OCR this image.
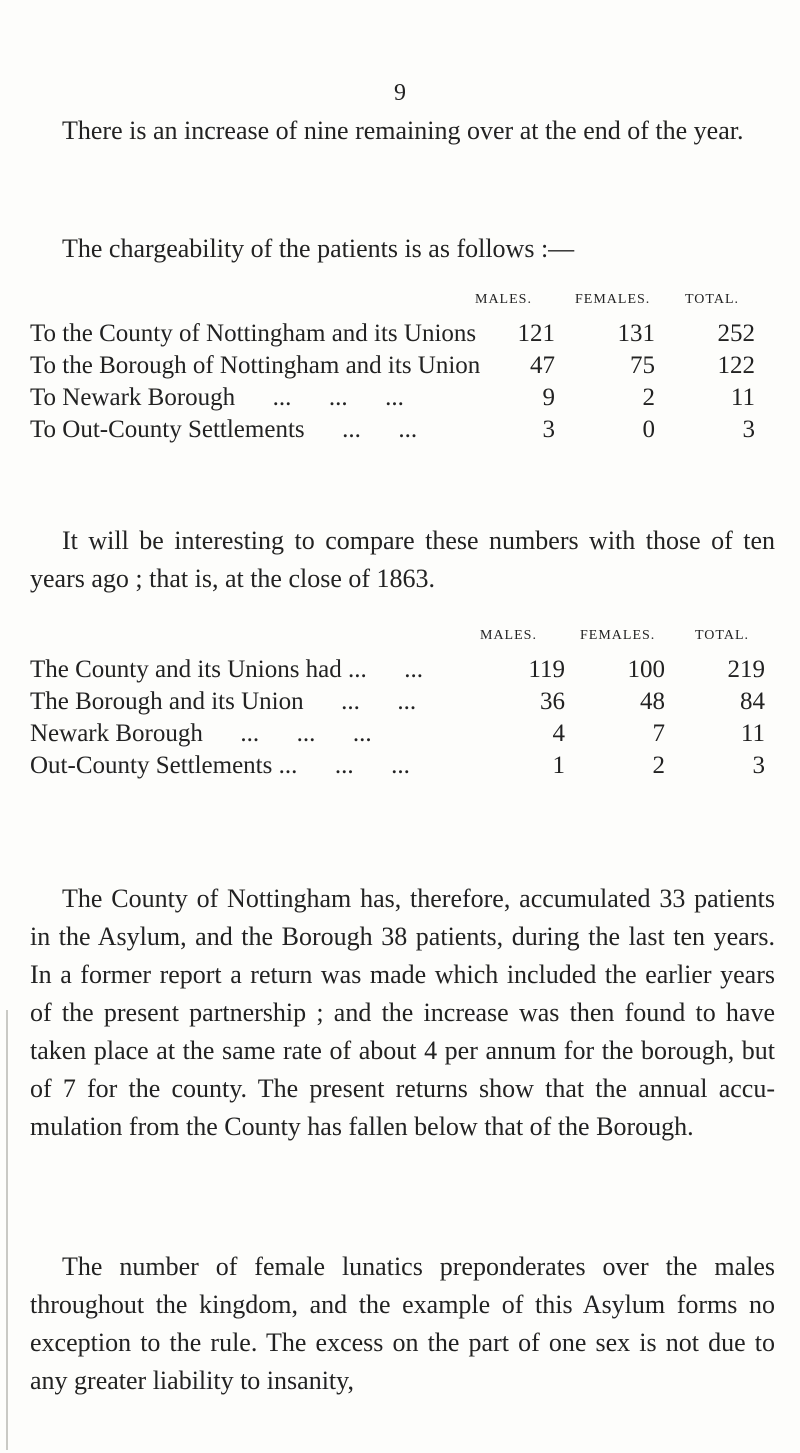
9

There is an increase of nine remaining over at the end of the year.

The chargeability of the patients is as follows :—

MALES.	FEMALES. TOTAL.
To the County of Nottingham and its Unions	121	131	252
To the Borough of Nottingham and its Union	47	75	122
To Newark Borough      ...      ...      ...	9	2	11
To Out-County Settlements      ...      ...	3	0	3

It will be interesting to compare these numbers with those of ten years ago ; that is, at the close of 1863.

MALES.	FEMALES.	TOTAL.
The County and its Unions had ...      ...	119	100	219
The Borough and its Union      ...      ...	36	48	84
Newark Borough      ...      ...      ...	4	7	11
Out-County Settlements ...      ...      ...	1	2	3

The County of Nottingham has, therefore, accumulated 33 patients in the Asylum, and the Borough 38 patients, during the last ten years. In a former report a return was made which included the earlier years of the present partnership ; and the increase was then found to have taken place at the same rate of about 4 per annum for the borough, but of 7 for the county. The present returns show that the annual accu-mulation from the County has fallen below that of the Borough.

The number of female lunatics preponderates over the males throughout the kingdom, and the example of this Asylum forms no exception to the rule. The excess on the part of one sex is not due to any greater liability to insanity,
